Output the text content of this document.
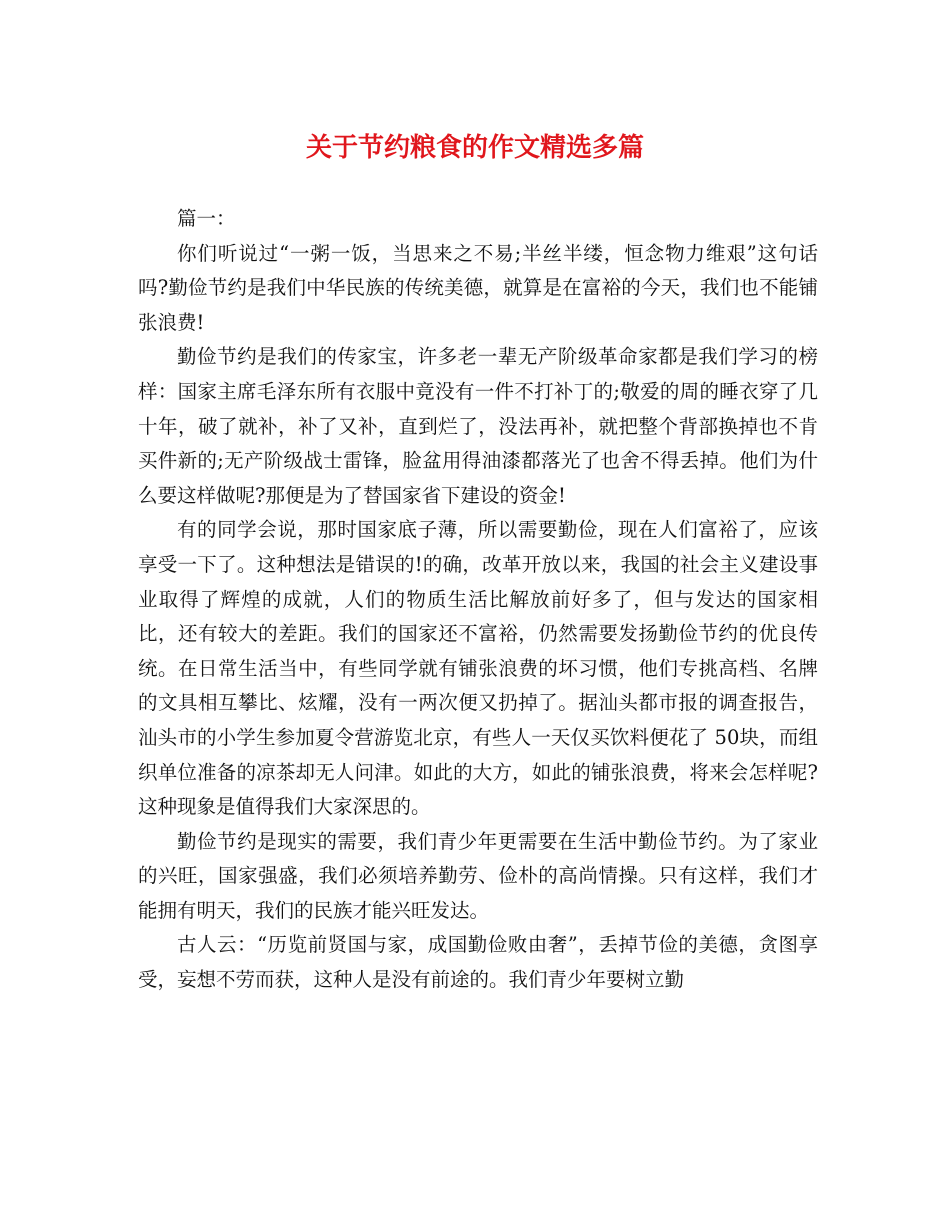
关于节约粮食的作文精选多篇

篇一：

你们听说过“一粥一饭，当思来之不易;半丝半缕，恒念物力维艰”这句话吗?勤俭节约是我们中华民族的传统美德，就算是在富裕的今天，我们也不能铺张浪费!

勤俭节约是我们的传家宝，许多老一辈无产阶级革命家都是我们学习的榜样：国家主席毛泽东所有衣服中竟没有一件不打补丁的;敬爱的周的睡衣穿了几十年，破了就补，补了又补，直到烂了，没法再补，就把整个背部换掉也不肯买件新的;无产阶级战士雷锋，脸盆用得油漆都落光了也舍不得丢掉。他们为什么要这样做呢?那便是为了替国家省下建设的资金!

有的同学会说，那时国家底子薄，所以需要勤俭，现在人们富裕了，应该享受一下了。这种想法是错误的!的确，改革开放以来，我国的社会主义建设事业取得了辉煌的成就，人们的物质生活比解放前好多了，但与发达的国家相比，还有较大的差距。我们的国家还不富裕，仍然需要发扬勤俭节约的优良传统。在日常生活当中，有些同学就有铺张浪费的坏习惯，他们专挑高档、名牌的文具相互攀比、炫耀，没有一两次便又扔掉了。据汕头都市报的调查报告，汕头市的小学生参加夏令营游览北京，有些人一天仅买饮料便花了 50块，而组织单位准备的凉茶却无人问津。如此的大方，如此的铺张浪费，将来会怎样呢?这种现象是值得我们大家深思的。

勤俭节约是现实的需要，我们青少年更需要在生活中勤俭节约。为了家业的兴旺，国家强盛，我们必须培养勤劳、俭朴的高尚情操。只有这样，我们才能拥有明天，我们的民族才能兴旺发达。

古人云：“历览前贤国与家，成国勤俭败由奢”，丢掉节俭的美德，贪图享受，妄想不劳而获，这种人是没有前途的。我们青少年要树立勤
